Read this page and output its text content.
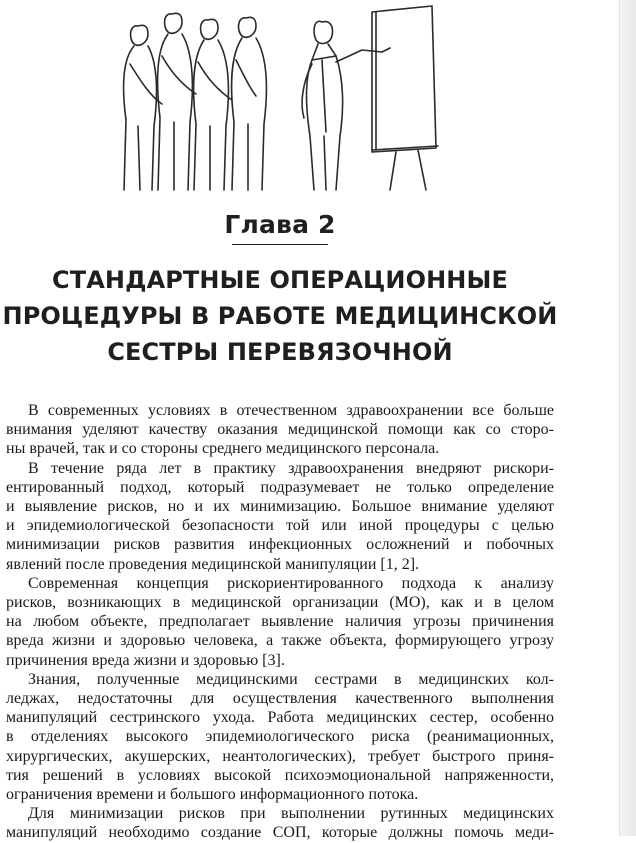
Глава 2
СТАНДАРТНЫЕ ОПЕРАЦИОННЫЕ
ПРОЦЕДУРЫ В РАБОТЕ МЕДИЦИНСКОЙ
СЕСТРЫ ПЕРЕВЯЗОЧНОЙ

В современных условиях в отечественном здравоохранении все больше
внимания уделяют качеству оказания медицинской помощи как со сторо-
ны врачей, так и со стороны среднего медицинского персонала.

В течение ряда лет в практику здравоохранения внедряют рискори-
ентированный подход, который подразумевает не только определение
и выявление рисков, но и их минимизацию. Большое внимание уделяют
и эпидемиологической безопасности той или иной процедуры с целью
минимизации рисков развития инфекционных осложнений и побочных
явлений после проведения медицинской манипуляции [1, 2].

Современная концепция рискориентированного подхода к анализу
рисков, возникающих в медицинской организации (МО), как и в целом
на любом объекте, предполагает выявление наличия угрозы причинения
вреда жизни и здоровью человека, а также объекта, формирующего угрозу
причинения вреда жизни и здоровью [3].

Знания, полученные медицинскими сестрами в медицинских кол-
леджах, недостаточны для осуществления качественного выполнения
манипуляций сестринского ухода. Работа медицинских сестер, особенно
в отделениях высокого эпидемиологического риска (реанимационных,
хирургических, акушерских, неантологических), требует быстрого приня-
тия решений в условиях высокой психоэмоциональной напряженности,
ограничения времени и большого информационного потока.

Для минимизации рисков при выполнении рутинных медицинских
манипуляций необходимо создание СОП, которые должны помочь меди-
